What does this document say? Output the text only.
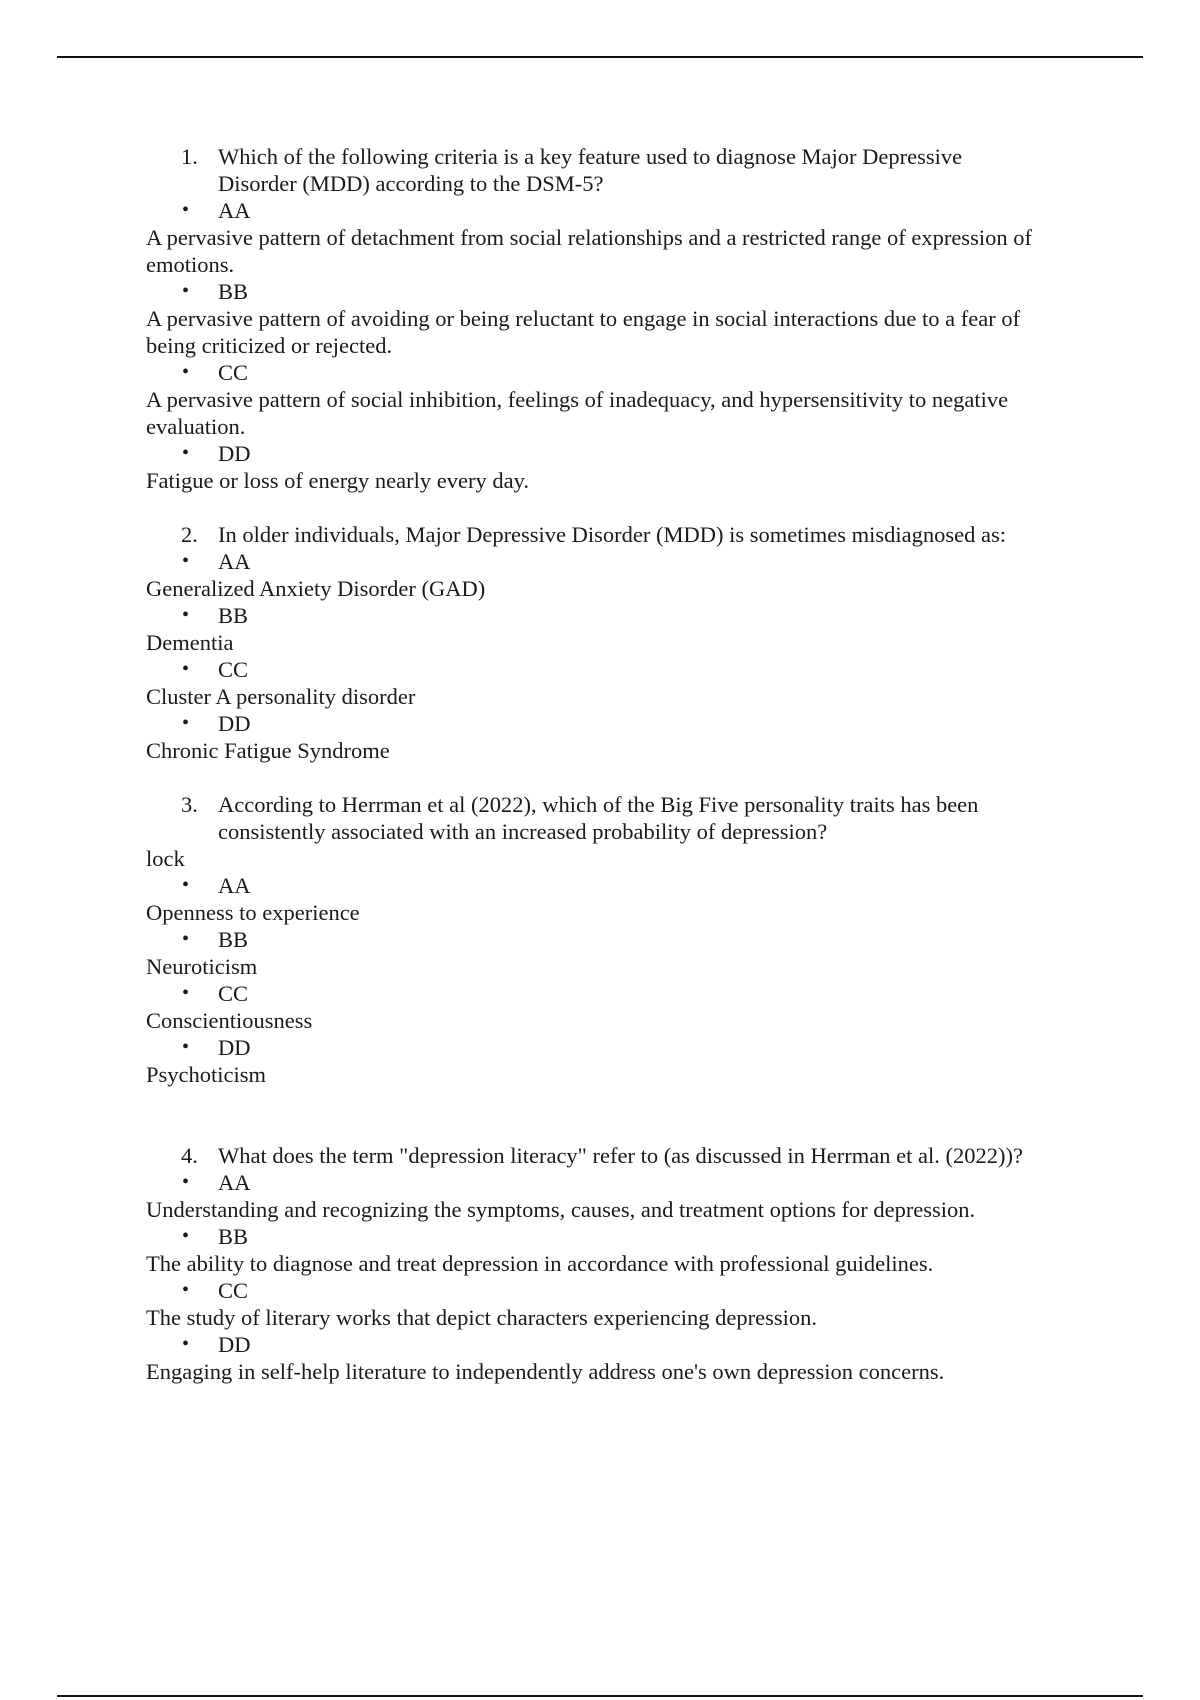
1. Which of the following criteria is a key feature used to diagnose Major Depressive Disorder (MDD) according to the DSM-5?

• AA

A pervasive pattern of detachment from social relationships and a restricted range of expression of emotions.

• BB

A pervasive pattern of avoiding or being reluctant to engage in social interactions due to a fear of being criticized or rejected.

• CC

A pervasive pattern of social inhibition, feelings of inadequacy, and hypersensitivity to negative evaluation.

• DD

Fatigue or loss of energy nearly every day.

2. In older individuals, Major Depressive Disorder (MDD) is sometimes misdiagnosed as:

• AA

Generalized Anxiety Disorder (GAD)

• BB

Dementia

• CC

Cluster A personality disorder

• DD

Chronic Fatigue Syndrome

3. According to Herrman et al (2022), which of the Big Five personality traits has been consistently associated with an increased probability of depression?

lock

• AA

Openness to experience

• BB

Neuroticism

• CC

Conscientiousness

• DD

Psychoticism

4. What does the term "depression literacy" refer to (as discussed in Herrman et al. (2022))?

• AA

Understanding and recognizing the symptoms, causes, and treatment options for depression.

• BB

The ability to diagnose and treat depression in accordance with professional guidelines.

• CC

The study of literary works that depict characters experiencing depression.

• DD

Engaging in self-help literature to independently address one's own depression concerns.
